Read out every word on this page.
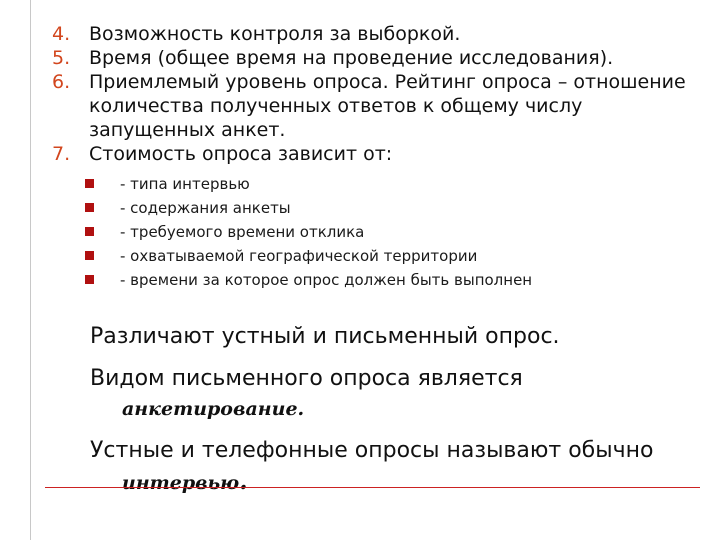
4. Возможность контроля за выборкой.
5. Время (общее время на проведение исследования).
6. Приемлемый уровень опроса. Рейтинг опроса – отношение количества полученных ответов к общему числу запущенных анкет.
7. Стоимость опроса зависит от:
- типа интервью
- содержания анкеты
- требуемого времени отклика
- охватываемой географической территории
- времени за которое опрос должен быть выполнен

Различают устный и письменный опрос.

Видом письменного опроса является
анкетирование.

Устные и телефонные опросы называют обычно
интервью.
